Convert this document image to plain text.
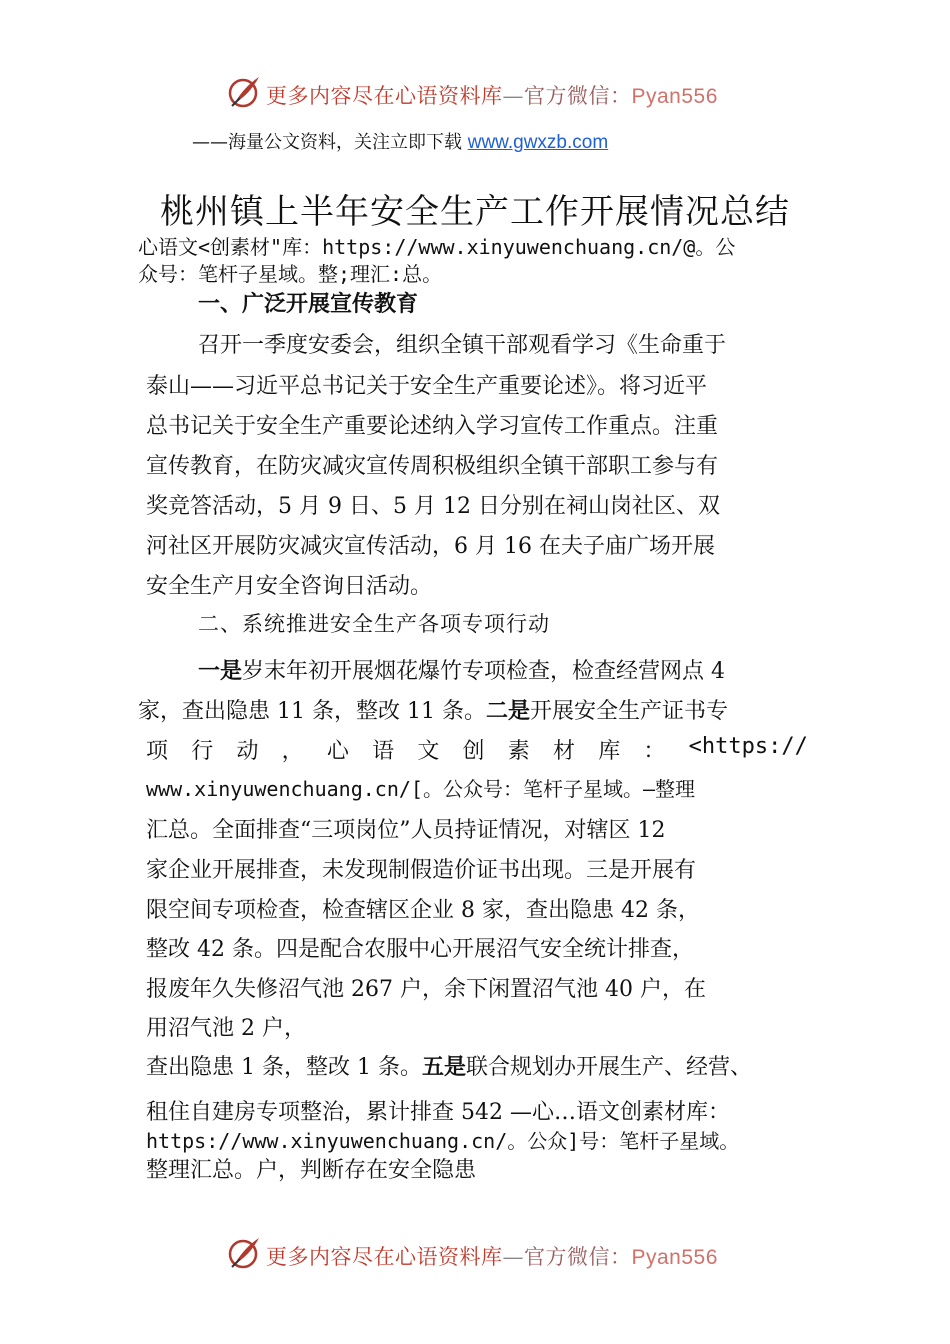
更多内容尽在心语资料库—官方微信：Pyan556
——海量公文资料，关注立即下载 www.gwxzb.com
桃州镇上半年安全生产工作开展情况总结
心语文<创素材"库：https://www.xinyuwenchuang.cn/@。公
众号：笔杆子星域。整;理汇:总。
一、广泛开展宣传教育
召开一季度安委会，组织全镇干部观看学习《生命重于
泰山——习近平总书记关于安全生产重要论述》。将习近平
总书记关于安全生产重要论述纳入学习宣传工作重点。注重
宣传教育，在防灾减灾宣传周积极组织全镇干部职工参与有
奖竞答活动，5 月 9 日、5 月 12 日分别在祠山岗社区、双
河社区开展防灾减灾宣传活动，6 月 16 在夫子庙广场开展
安全生产月安全咨询日活动。
二、系统推进安全生产各项专项行动
一是岁末年初开展烟花爆竹专项检查，检查经营网点 4
家，查出隐患 11 条，整改 11 条。二是开展安全生产证书专
项 行 动 ， 心 语 文 创 素 材 库 ： <https://
www.xinyuwenchuang.cn/[。公众号：笔杆子星域。—整理
汇总。全面排查“三项岗位”人员持证情况，对辖区 12
家企业开展排查，未发现制假造价证书出现。三是开展有
限空间专项检查，检查辖区企业 8 家，查出隐患 42 条，
整改 42 条。四是配合农服中心开展沼气安全统计排查，
报废年久失修沼气池 267 户，余下闲置沼气池 40 户，在
用沼气池 2 户，
查出隐患 1 条，整改 1 条。五是联合规划办开展生产、经营、
租住自建房专项整治，累计排查 542 —心…语文创素材库：
https://www.xinyuwenchuang.cn/。公众]号：笔杆子星域。
整理汇总。户，判断存在安全隐患
更多内容尽在心语资料库—官方微信：Pyan556
